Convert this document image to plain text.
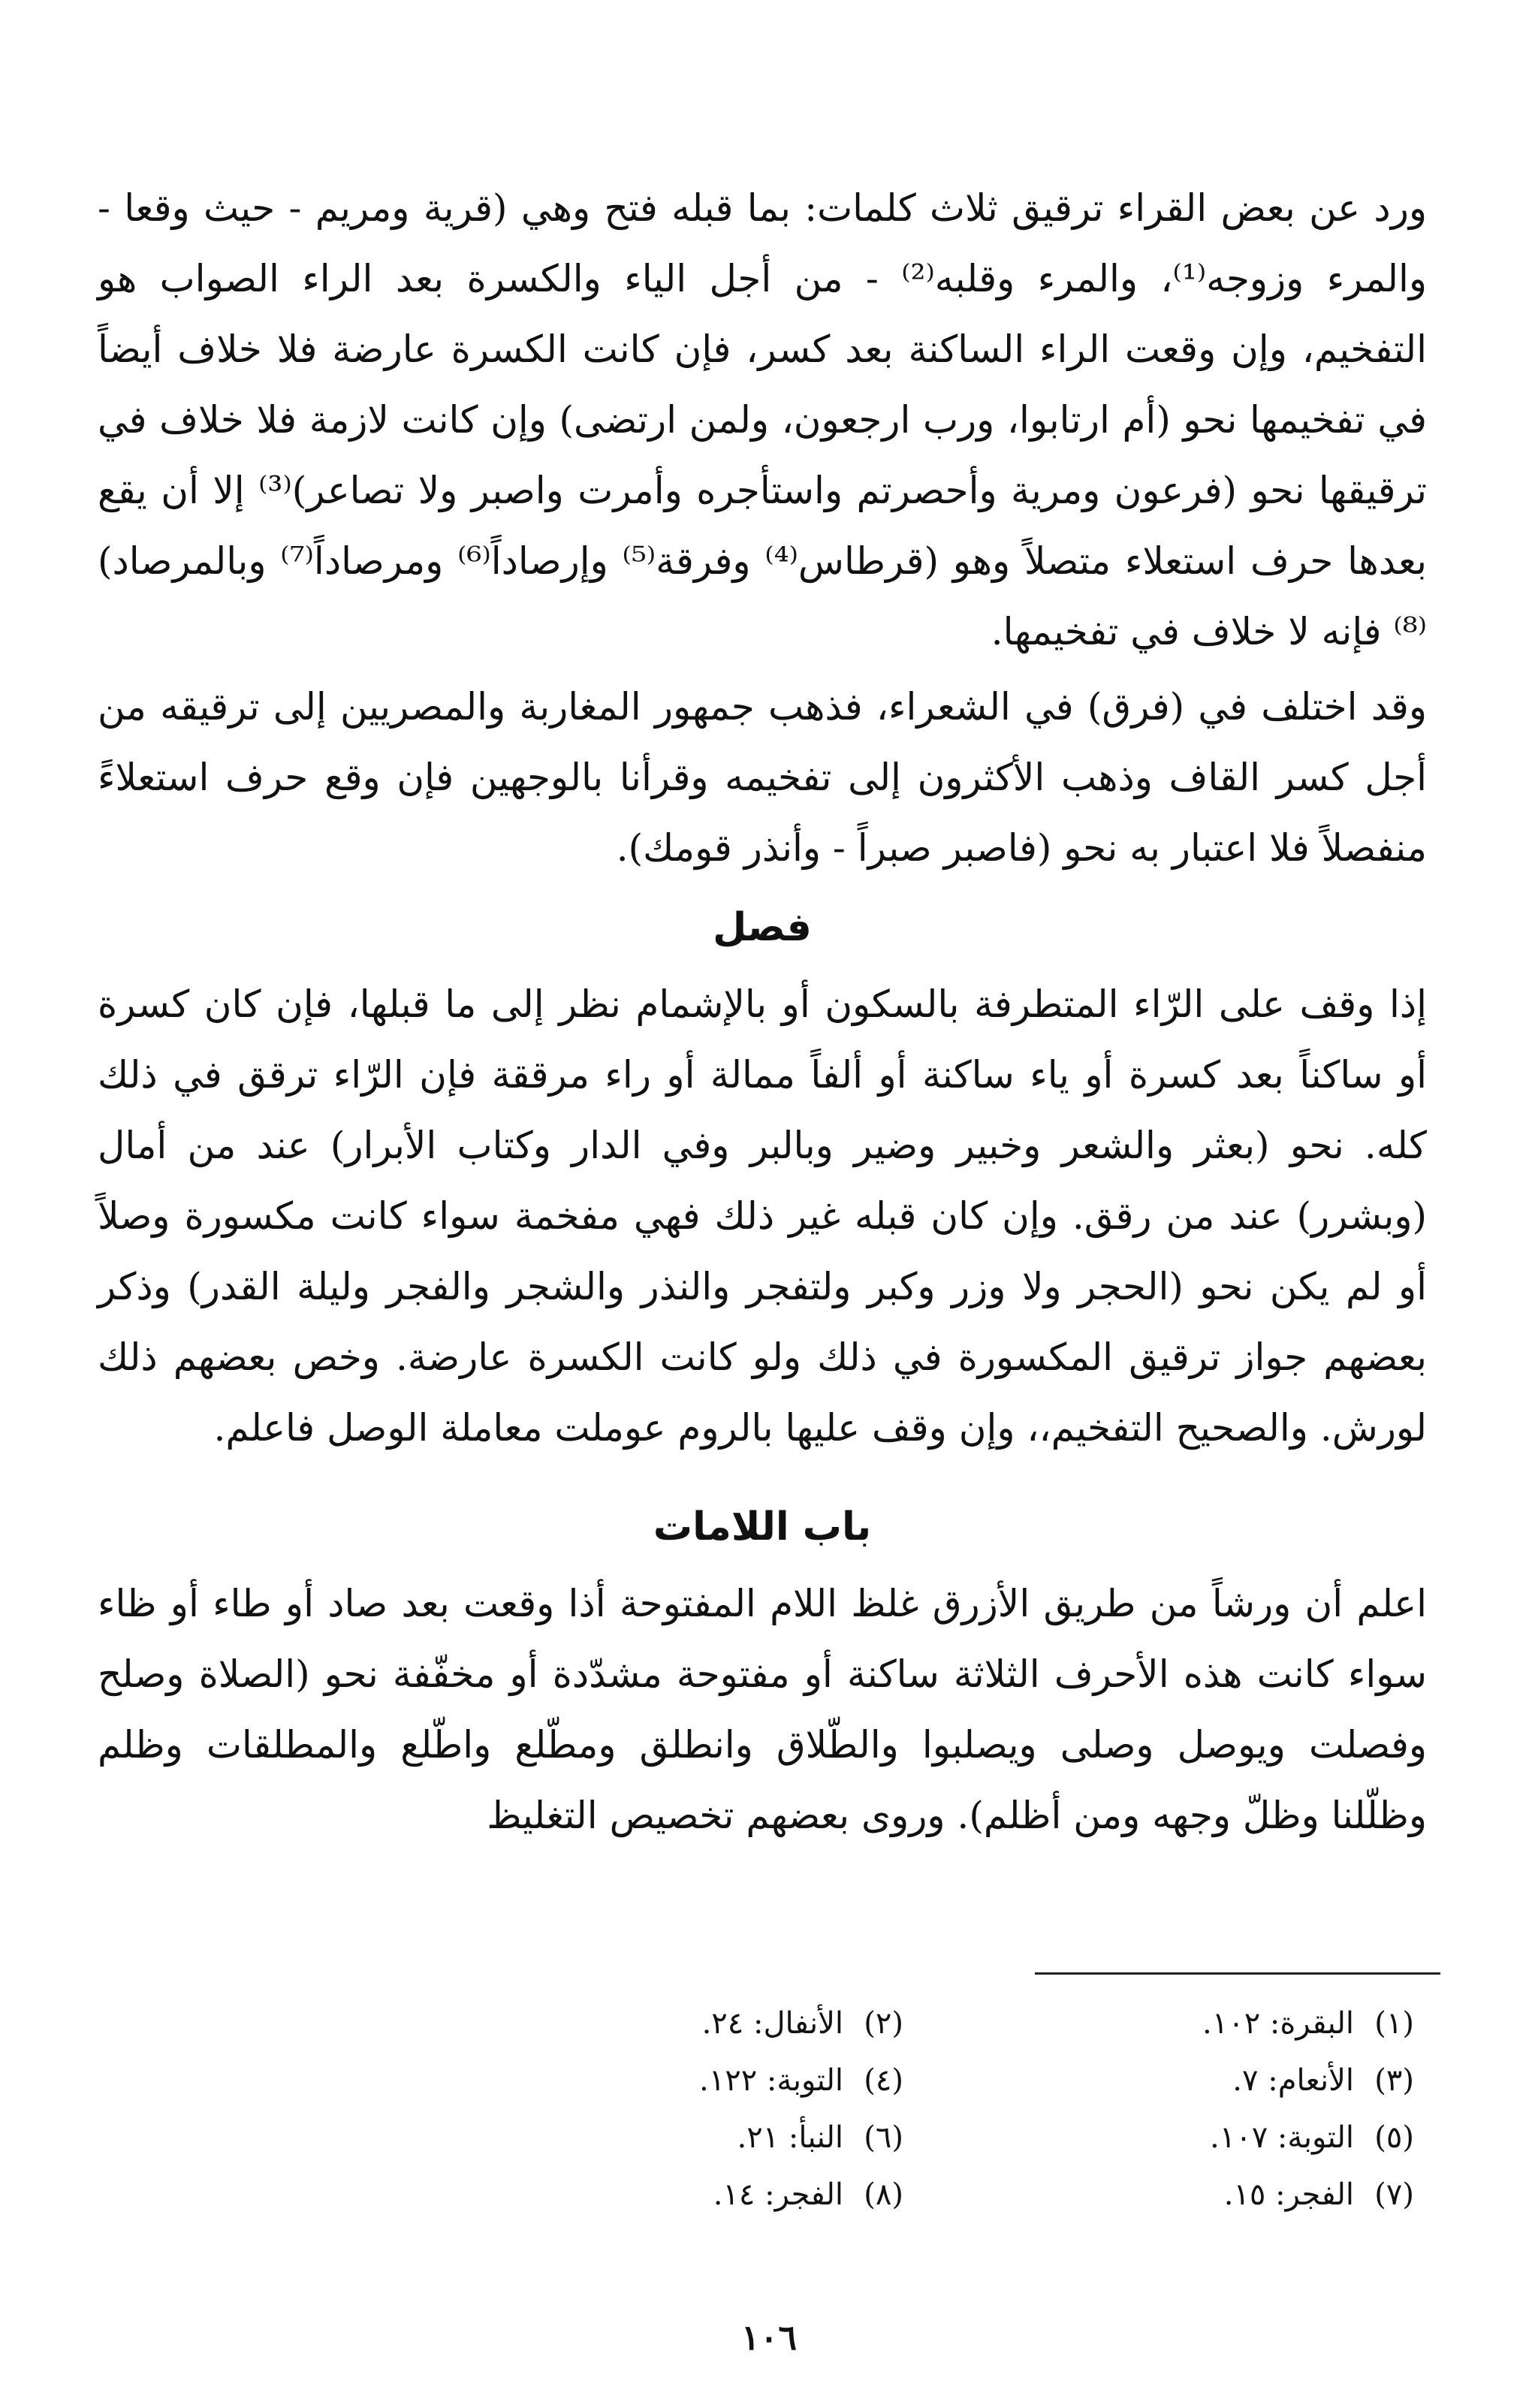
ورد عن بعض القراء ترقيق ثلاث كلمات: بما قبله فتح وهي (قرية ومريم - حيث وقعا - والمرء وزوجه⁽¹⁾، والمرء وقلبه⁽²⁾ - من أجل الياء والكسرة بعد الراء الصواب هو التفخيم، وإن وقعت الراء الساكنة بعد كسر، فإن كانت الكسرة عارضة فلا خلاف أيضاً في تفخيمها نحو (أم ارتابوا، ورب ارجعون، ولمن ارتضى) وإن كانت لازمة فلا خلاف في ترقيقها نحو (فرعون ومرية وأحصرتم واستأجره وأمرت واصبر ولا تصاعر)⁽³⁾ إلا أن يقع بعدها حرف استعلاء متصلاً وهو (قرطاس⁽⁴⁾ وفرقة⁽⁵⁾ وإرصاداً⁽⁶⁾ ومرصاداً⁽⁷⁾ وبالمرصاد)⁽⁸⁾ فإنه لا خلاف في تفخيمها.

وقد اختلف في (فرق) في الشعراء، فذهب جمهور المغاربة والمصريين إلى ترقيقه من أجل كسر القاف وذهب الأكثرون إلى تفخيمه وقرأنا بالوجهين فإن وقع حرف استعلاءً منفصلاً فلا اعتبار به نحو (فاصبر صبراً - وأنذر قومك).

فصل

إذا وقف على الرّاء المتطرفة بالسكون أو بالإشمام نظر إلى ما قبلها، فإن كان كسرة أو ساكناً بعد كسرة أو ياء ساكنة أو ألفاً ممالة أو راء مرققة فإن الرّاء ترقق في ذلك كله. نحو (بعثر والشعر وخبير وضير وبالبر وفي الدار وكتاب الأبرار) عند من أمال (وبشرر) عند من رقق. وإن كان قبله غير ذلك فهي مفخمة سواء كانت مكسورة وصلاً أو لم يكن نحو (الحجر ولا وزر وكبر ولتفجر والنذر والشجر والفجر وليلة القدر) وذكر بعضهم جواز ترقيق المكسورة في ذلك ولو كانت الكسرة عارضة. وخص بعضهم ذلك لورش. والصحيح التفخيم،، وإن وقف عليها بالروم عوملت معاملة الوصل فاعلم.

باب اللامات

اعلم أن ورشاً من طريق الأزرق غلظ اللام المفتوحة أذا وقعت بعد صاد أو طاء أو ظاء سواء كانت هذه الأحرف الثلاثة ساكنة أو مفتوحة مشدّدة أو مخفّفة نحو (الصلاة وصلح وفصلت ويوصل وصلى ويصلبوا والطّلاق وانطلق ومطّلع واطّلع والمطلقات وظلم وظلّلنا وظلّ وجهه ومن أظلم). وروى بعضهم تخصيص التغليظ

(١)البقرة: ١٠٢.
(٢)الأنفال: ٢٤.
(٣)الأنعام: ٧.
(٤)التوبة: ١٢٢.
(٥)التوبة: ١٠٧.
(٦)النبأ: ٢١.
(٧)الفجر: ١٥.
(٨)الفجر: ١٤.
١٠٦
